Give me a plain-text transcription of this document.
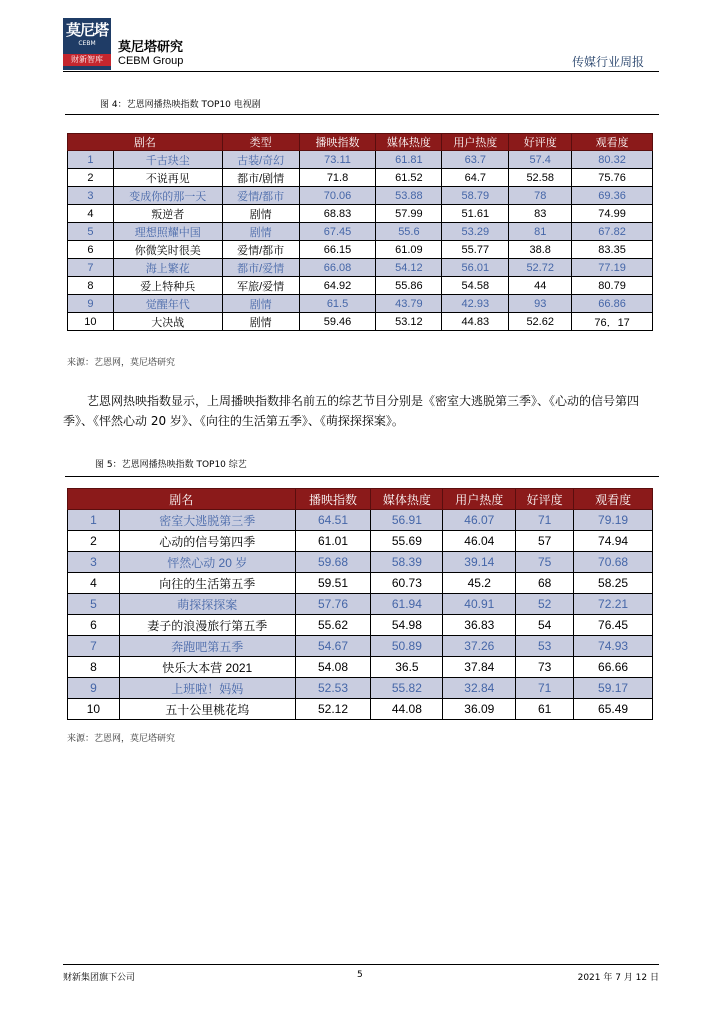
莫尼塔
CEBM
财新智库
莫尼塔研究
CEBM Group	传媒行业周报
图 4：艺恩网播热映指数 TOP10 电视剧
剧名		类型	播映指数	媒体热度	用户热度	好评度	观看度
1	千古玦尘	古装/奇幻	73.11	61.81	63.7	57.4	80.32
2	不说再见	都市/剧情	71.8	61.52	64.7	52.58	75.76
3	变成你的那一天	爱情/都市	70.06	53.88	58.79	78	69.36
4	叛逆者	剧情	68.83	57.99	51.61	83	74.99
5	理想照耀中国	剧情	67.45	55.6	53.29	81	67.82
6	你微笑时很美	爱情/都市	66.15	61.09	55.77	38.8	83.35
7	海上繁花	都市/爱情	66.08	54.12	56.01	52.72	77.19
8	爱上特种兵	军旅/爱情	64.92	55.86	54.58	44	80.79
9	觉醒年代	剧情	61.5	43.79	42.93	93	66.86
10	大决战	剧情	59.46	53.12	44.83	52.62	76．17
来源：艺恩网，莫尼塔研究
艺恩网热映指数显示，上周播映指数排名前五的综艺节目分别是《密室大逃脱第三季》、《心动的信号第四季》、《怦然心动 20 岁》、《向往的生活第五季》、《萌探探探案》。
图 5：艺恩网播热映指数 TOP10 综艺
剧名		播映指数	媒体热度	用户热度	好评度	观看度
1	密室大逃脱第三季	64.51	56.91	46.07	71	79.19
2	心动的信号第四季	61.01	55.69	46.04	57	74.94
3	怦然心动 20 岁	59.68	58.39	39.14	75	70.68
4	向往的生活第五季	59.51	60.73	45.2	68	58.25
5	萌探探探案	57.76	61.94	40.91	52	72.21
6	妻子的浪漫旅行第五季	55.62	54.98	36.83	54	76.45
7	奔跑吧第五季	54.67	50.89	37.26	53	74.93
8	快乐大本营 2021	54.08	36.5	37.84	73	66.66
9	上班啦！妈妈	52.53	55.82	32.84	71	59.17
10	五十公里桃花坞	52.12	44.08	36.09	61	65.49
来源：艺恩网，莫尼塔研究
财新集团旗下公司	5	2021 年 7 月 12 日
